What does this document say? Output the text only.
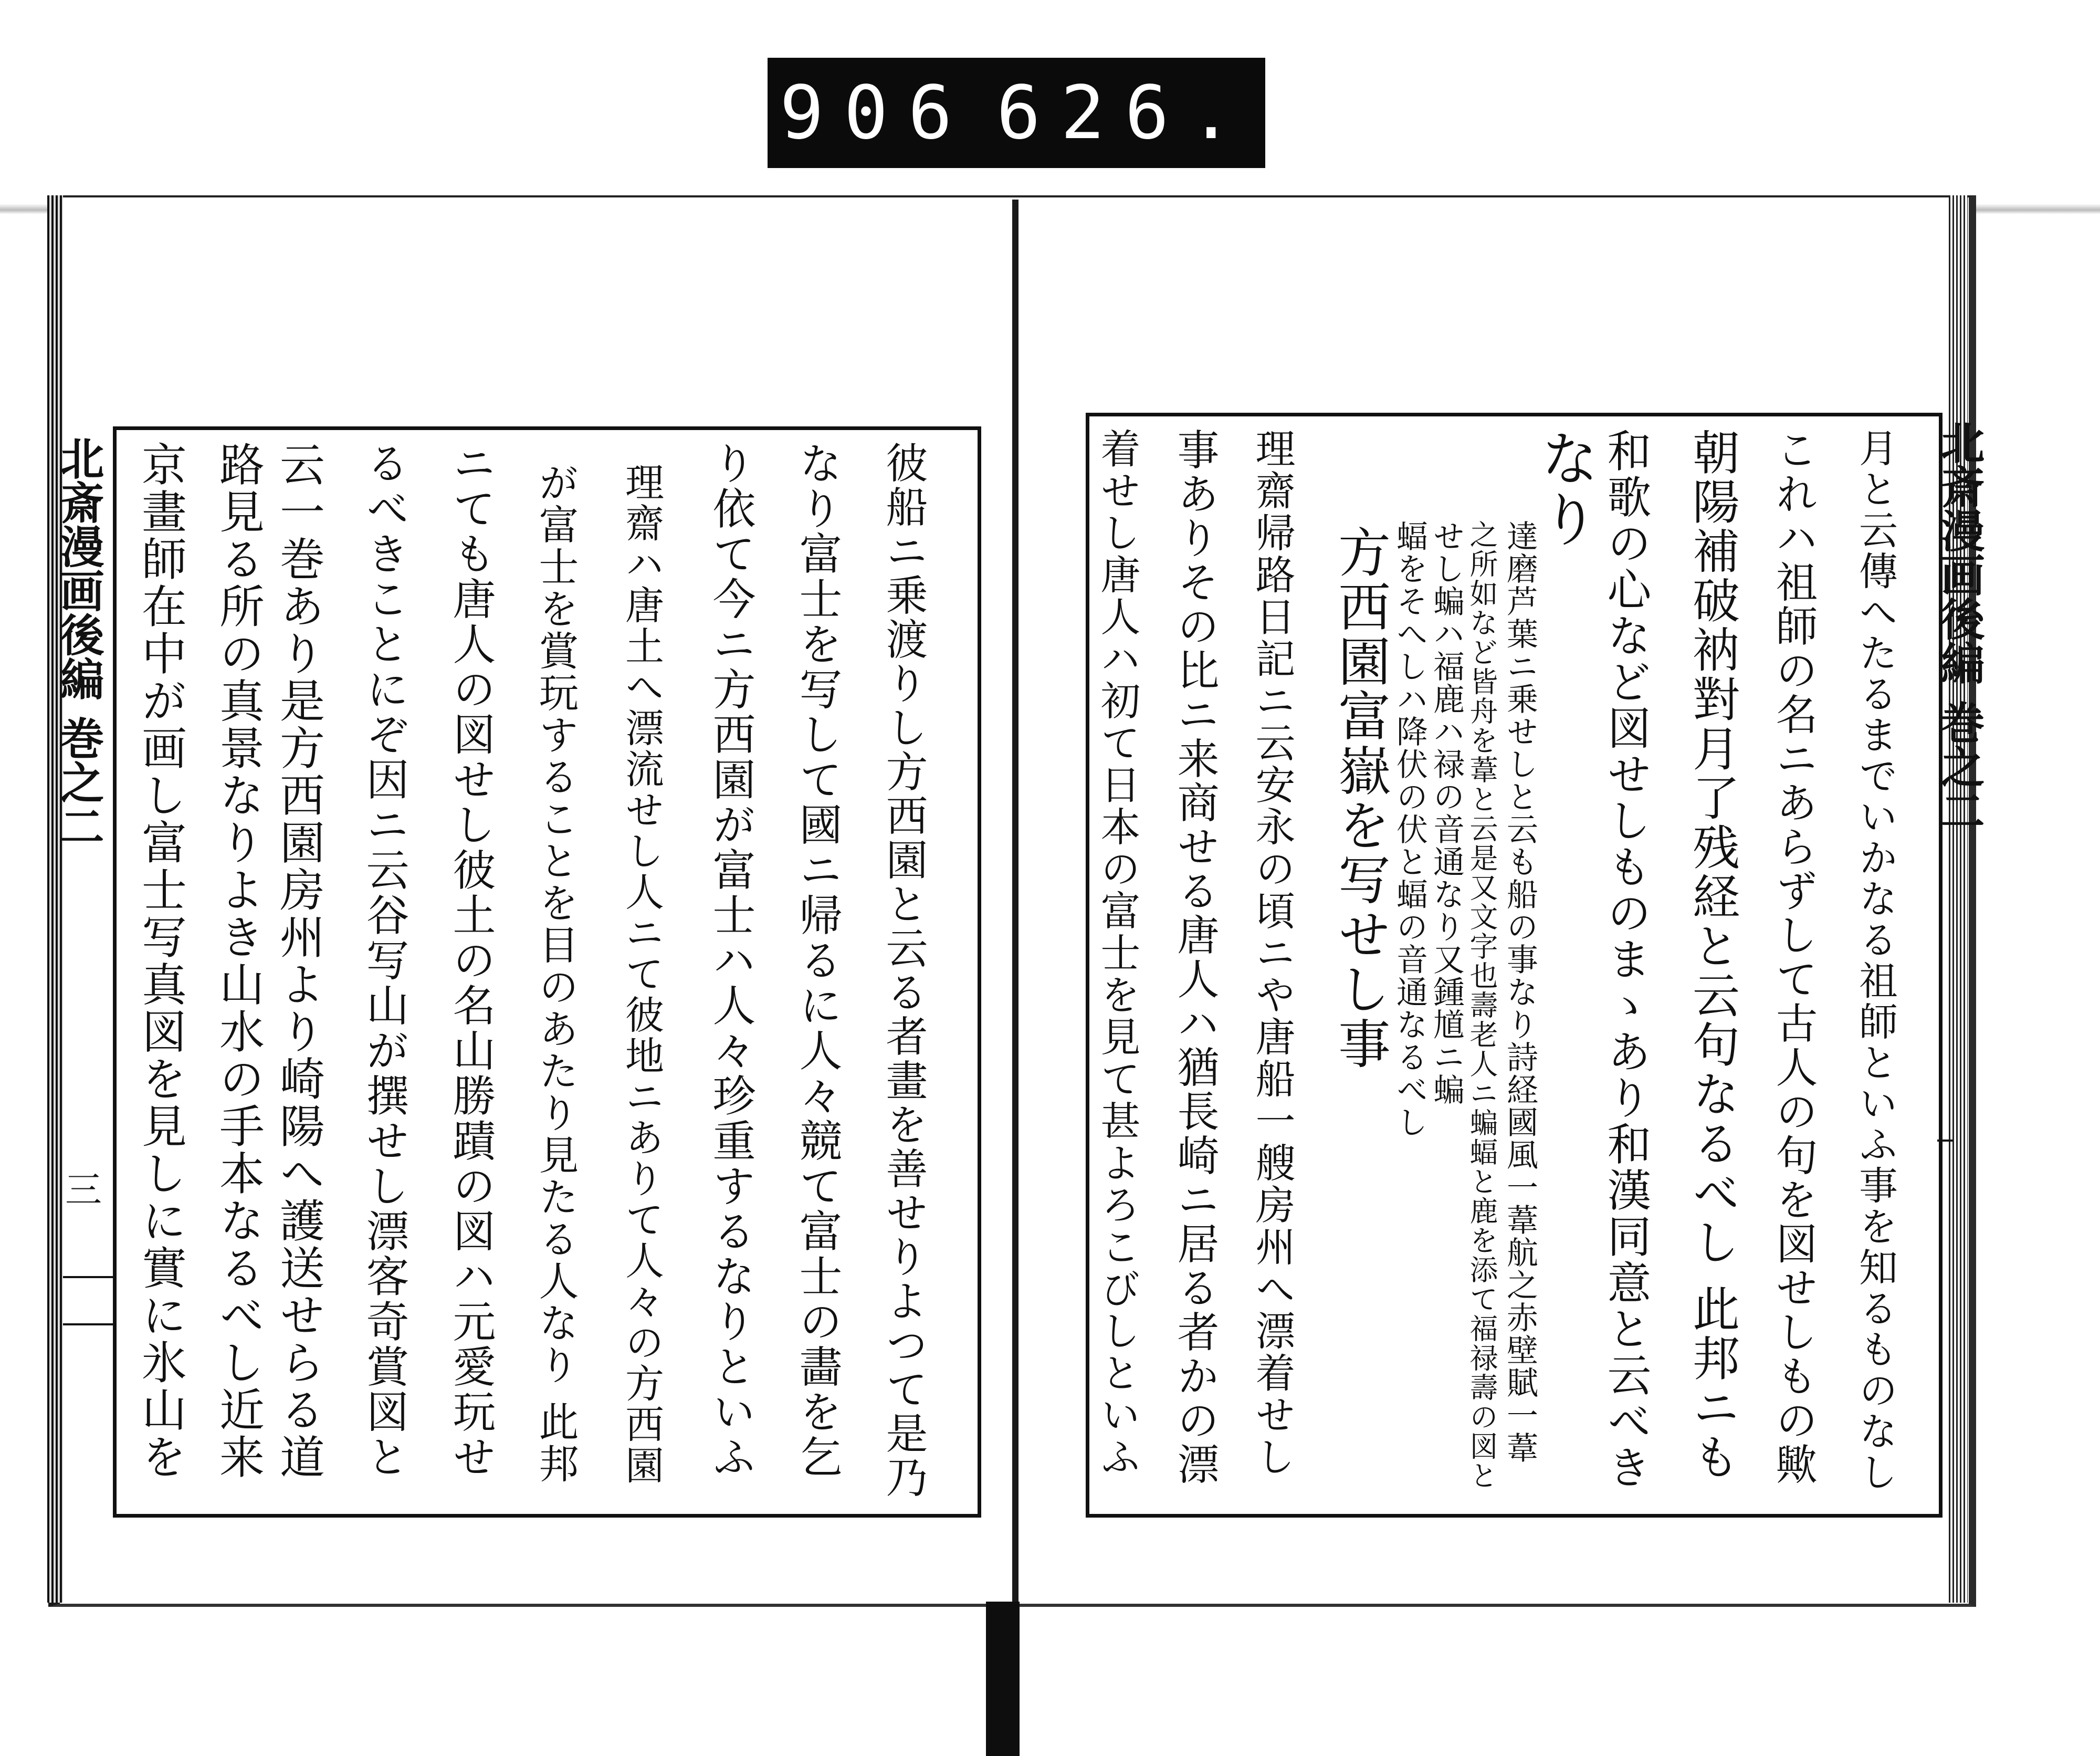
906 626.
北斎漫画後編 巻之二	北斎漫画後編 巻之二
三	彼船ニ乗渡りし方西園と云る者畫を善せりよつて是乃
なり富士を写して國ニ帰るに人々競て富士の畵を乞
り依て今ニ方西園が富士ハ人々珍重するなりといふ
理齋ハ唐土へ漂流せし人ニて彼地ニありて人々の方西園
が富士を賞玩することを目のあたり見たる人なり 此邦
ニても唐人の図せし彼土の名山勝蹟の図ハ元愛玩せ
るべきことにぞ因ニ云谷写山が撰せし漂客奇賞図と
云一巻あり是方西園房州より崎陽へ護送せらる道
路見る所の真景なりよき山水の手本なるべし近来
京畫師在中が画し富士写真図を見しに實に氷山を	月と云傳へたるまでいかなる祖師といふ事を知るものなし
これハ祖師の名ニあらずして古人の句を図せしもの歟
朝陽補破衲對月了残経と云句なるべし 此邦ニも
和歌の心など図せしものまゝあり和漢同意と云べき
なり
達磨芦葉ニ乗せしと云も船の事なり詩経國風一葦航之赤壁賦一葦
之所如など皆舟を葦と云是又文字也壽老人ニ蝙蝠と鹿を添て福禄壽の図と
せし蝙ハ福鹿ハ禄の音通なり又鍾馗ニ蝙
蝠をそへしハ降伏の伏と蝠の音通なるべし
方西園富嶽を写せし事
理齋帰路日記ニ云安永の頃ニや唐船一艘房州へ漂着せし
事ありその比ニ来商せる唐人ハ猶長崎ニ居る者かの漂
着せし唐人ハ初て日本の富士を見て甚よろこびしといふ
